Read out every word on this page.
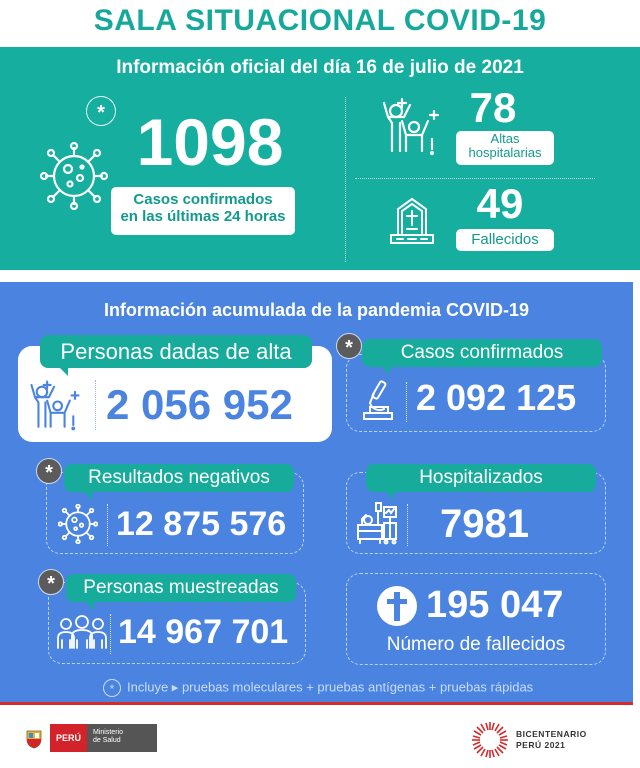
SALA SITUACIONAL COVID-19
Información oficial del día 16 de julio de 2021
* 1098
Casos confirmados
en las últimas 24 horas
78
Altas
hospitalarias
49
Fallecidos
Información acumulada de la pandemia COVID-19
Personas dadas de alta
2 056 952
Casos confirmados
*
2 092 125
Resultados negativos
*
12 875 576
Hospitalizados
7981
Personas muestreadas
*
14 967 701
195 047
Número de fallecidos
* Incluye ▸ pruebas moleculares + pruebas antígenas + pruebas rápidas
PERÚ
Ministerio
de Salud
BICENTENARIO
PERÚ 2021
